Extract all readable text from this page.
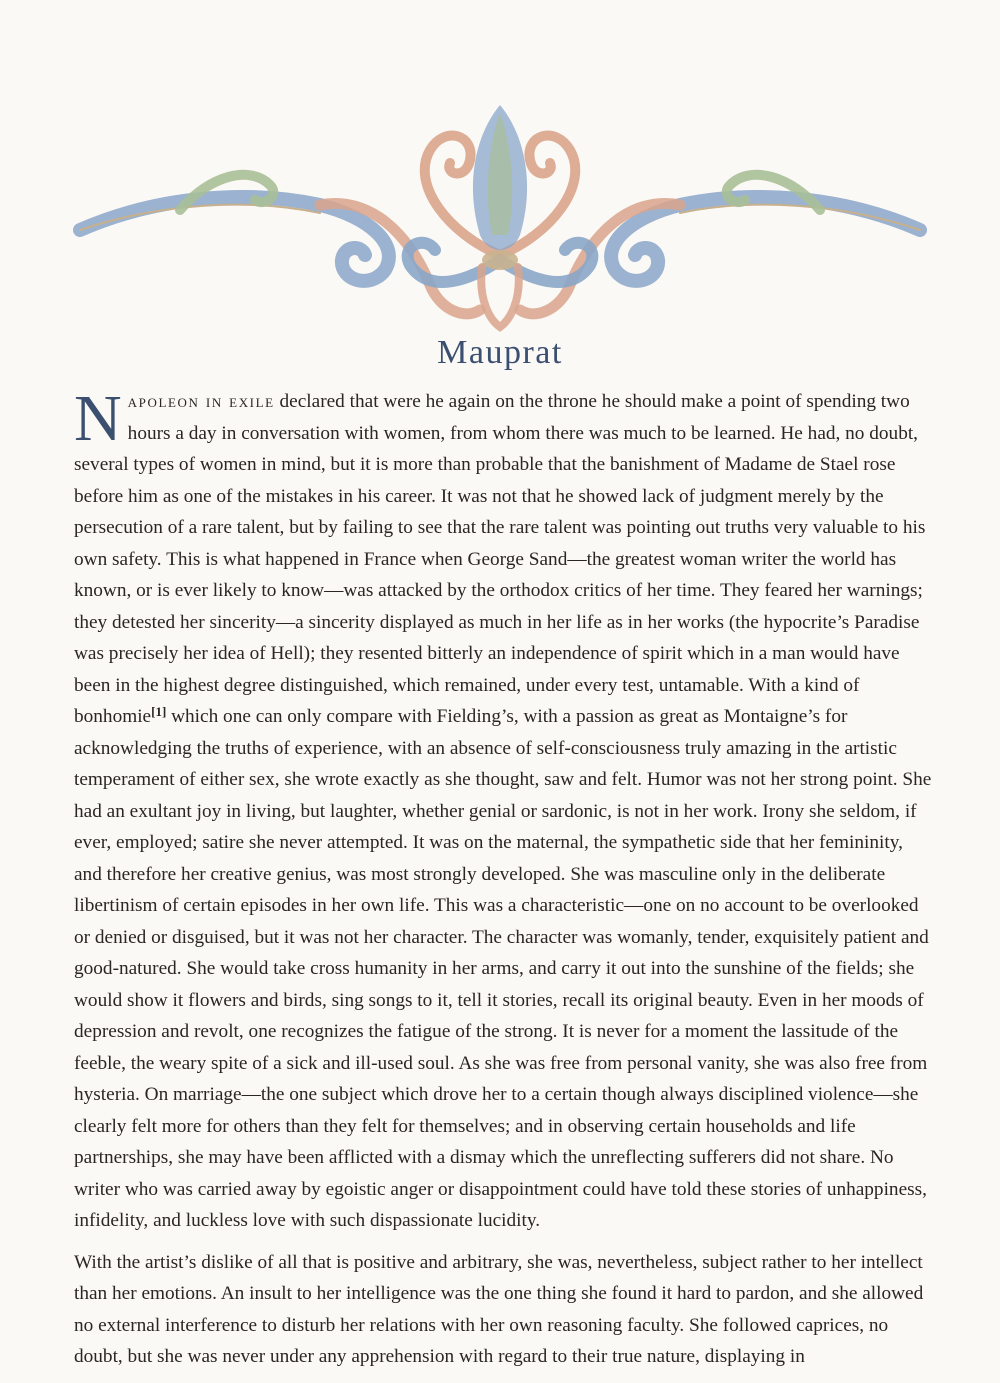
Mauprat

Napoleon in exile declared that were he again on the throne he should make a point of spending two hours a day in conversation with women, from whom there was much to be learned. He had, no doubt, several types of women in mind, but it is more than probable that the banishment of Madame de Stael rose before him as one of the mistakes in his career. It was not that he showed lack of judgment merely by the persecution of a rare talent, but by failing to see that the rare talent was pointing out truths very valuable to his own safety. This is what happened in France when George Sand—the greatest woman writer the world has known, or is ever likely to know—was attacked by the orthodox critics of her time. They feared her warnings; they detested her sincerity—a sincerity displayed as much in her life as in her works (the hypocrite’s Paradise was precisely her idea of Hell); they resented bitterly an independence of spirit which in a man would have been in the highest degree distinguished, which remained, under every test, untamable. With a kind of bonhomie[1] which one can only compare with Fielding’s, with a passion as great as Montaigne’s for acknowledging the truths of experience, with an absence of self-consciousness truly amazing in the artistic temperament of either sex, she wrote exactly as she thought, saw and felt. Humor was not her strong point. She had an exultant joy in living, but laughter, whether genial or sardonic, is not in her work. Irony she seldom, if ever, employed; satire she never attempted. It was on the maternal, the sympathetic side that her femininity, and therefore her creative genius, was most strongly developed. She was masculine only in the deliberate libertinism of certain episodes in her own life. This was a characteristic—one on no account to be overlooked or denied or disguised, but it was not her character. The character was womanly, tender, exquisitely patient and good-natured. She would take cross humanity in her arms, and carry it out into the sunshine of the fields; she would show it flowers and birds, sing songs to it, tell it stories, recall its original beauty. Even in her moods of depression and revolt, one recognizes the fatigue of the strong. It is never for a moment the lassitude of the feeble, the weary spite of a sick and ill-used soul. As she was free from personal vanity, she was also free from hysteria. On marriage—the one subject which drove her to a certain though always disciplined violence—she clearly felt more for others than they felt for themselves; and in observing certain households and life partnerships, she may have been afflicted with a dismay which the unreflecting sufferers did not share. No writer who was carried away by egoistic anger or disappointment could have told these stories of unhappiness, infidelity, and luckless love with such dispassionate lucidity.

With the artist’s dislike of all that is positive and arbitrary, she was, nevertheless, subject rather to her intellect than her emotions. An insult to her intelligence was the one thing she found it hard to pardon, and she allowed no external interference to disturb her relations with her own reasoning faculty. She followed caprices, no doubt, but she was never under any apprehension with regard to their true nature, displaying in
